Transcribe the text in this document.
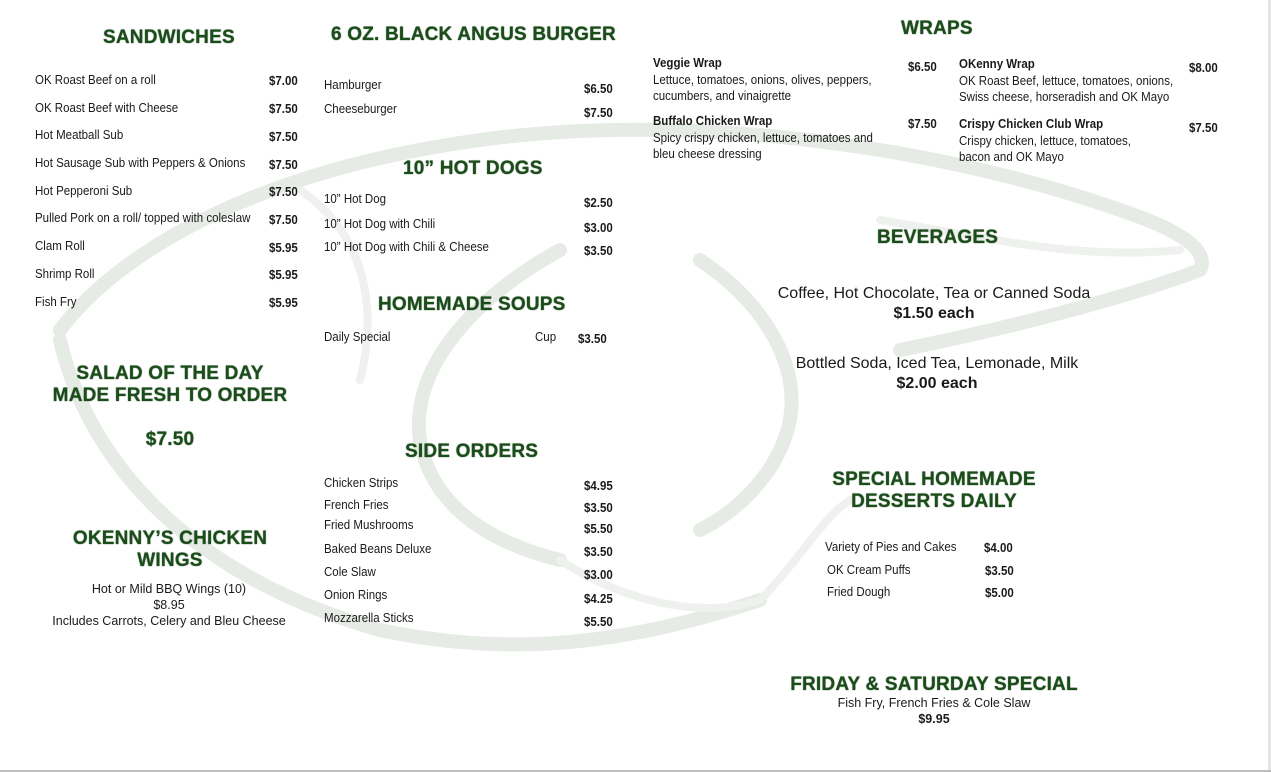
SANDWICHES
OK Roast Beef on a roll	$7.00
OK Roast Beef with Cheese	$7.50
Hot Meatball Sub	$7.50
Hot Sausage Sub with Peppers & Onions $7.50
Hot Pepperoni Sub	$7.50
Pulled Pork on a roll/ topped with coleslaw $7.50
Clam Roll	$5.95
Shrimp Roll	$5.95
Fish Fry	$5.95
SALAD OF THE DAY
MADE FRESH TO ORDER
$7.50
OKENNY’S CHICKEN
WINGS
Hot or Mild BBQ Wings (10)
$8.95
Includes Carrots, Celery and Bleu Cheese
6 OZ. BLACK ANGUS BURGER
Hamburger	$6.50
Cheeseburger	$7.50
10” HOT DOGS
10” Hot Dog	$2.50
10” Hot Dog with Chili	$3.00
10” Hot Dog with Chili & Cheese	$3.50
HOMEMADE SOUPS
Daily Special	Cup $3.50
SIDE ORDERS
Chicken Strips	$4.95
French Fries	$3.50
Fried Mushrooms	$5.50
Baked Beans Deluxe	$3.50
Cole Slaw	$3.00
Onion Rings	$4.25
Mozzarella Sticks	$5.50
WRAPS
Veggie Wrap	$6.50
Lettuce, tomatoes, onions, olives, peppers, cucumbers, and vinaigrette
Buffalo Chicken Wrap	$7.50
Spicy crispy chicken, lettuce, tomatoes and bleu cheese dressing
OKenny Wrap	$8.00
OK Roast Beef, lettuce, tomatoes, onions, Swiss cheese, horseradish and OK Mayo
Crispy Chicken Club Wrap	$7.50
Crispy chicken, lettuce, tomatoes, bacon and OK Mayo
BEVERAGES
Coffee, Hot Chocolate, Tea or Canned Soda
$1.50 each
Bottled Soda, Iced Tea, Lemonade, Milk
$2.00 each
SPECIAL HOMEMADE
DESSERTS DAILY
Variety of Pies and Cakes $4.00
OK Cream Puffs	$3.50
Fried Dough	$5.00
FRIDAY & SATURDAY SPECIAL
Fish Fry, French Fries & Cole Slaw
$9.95
